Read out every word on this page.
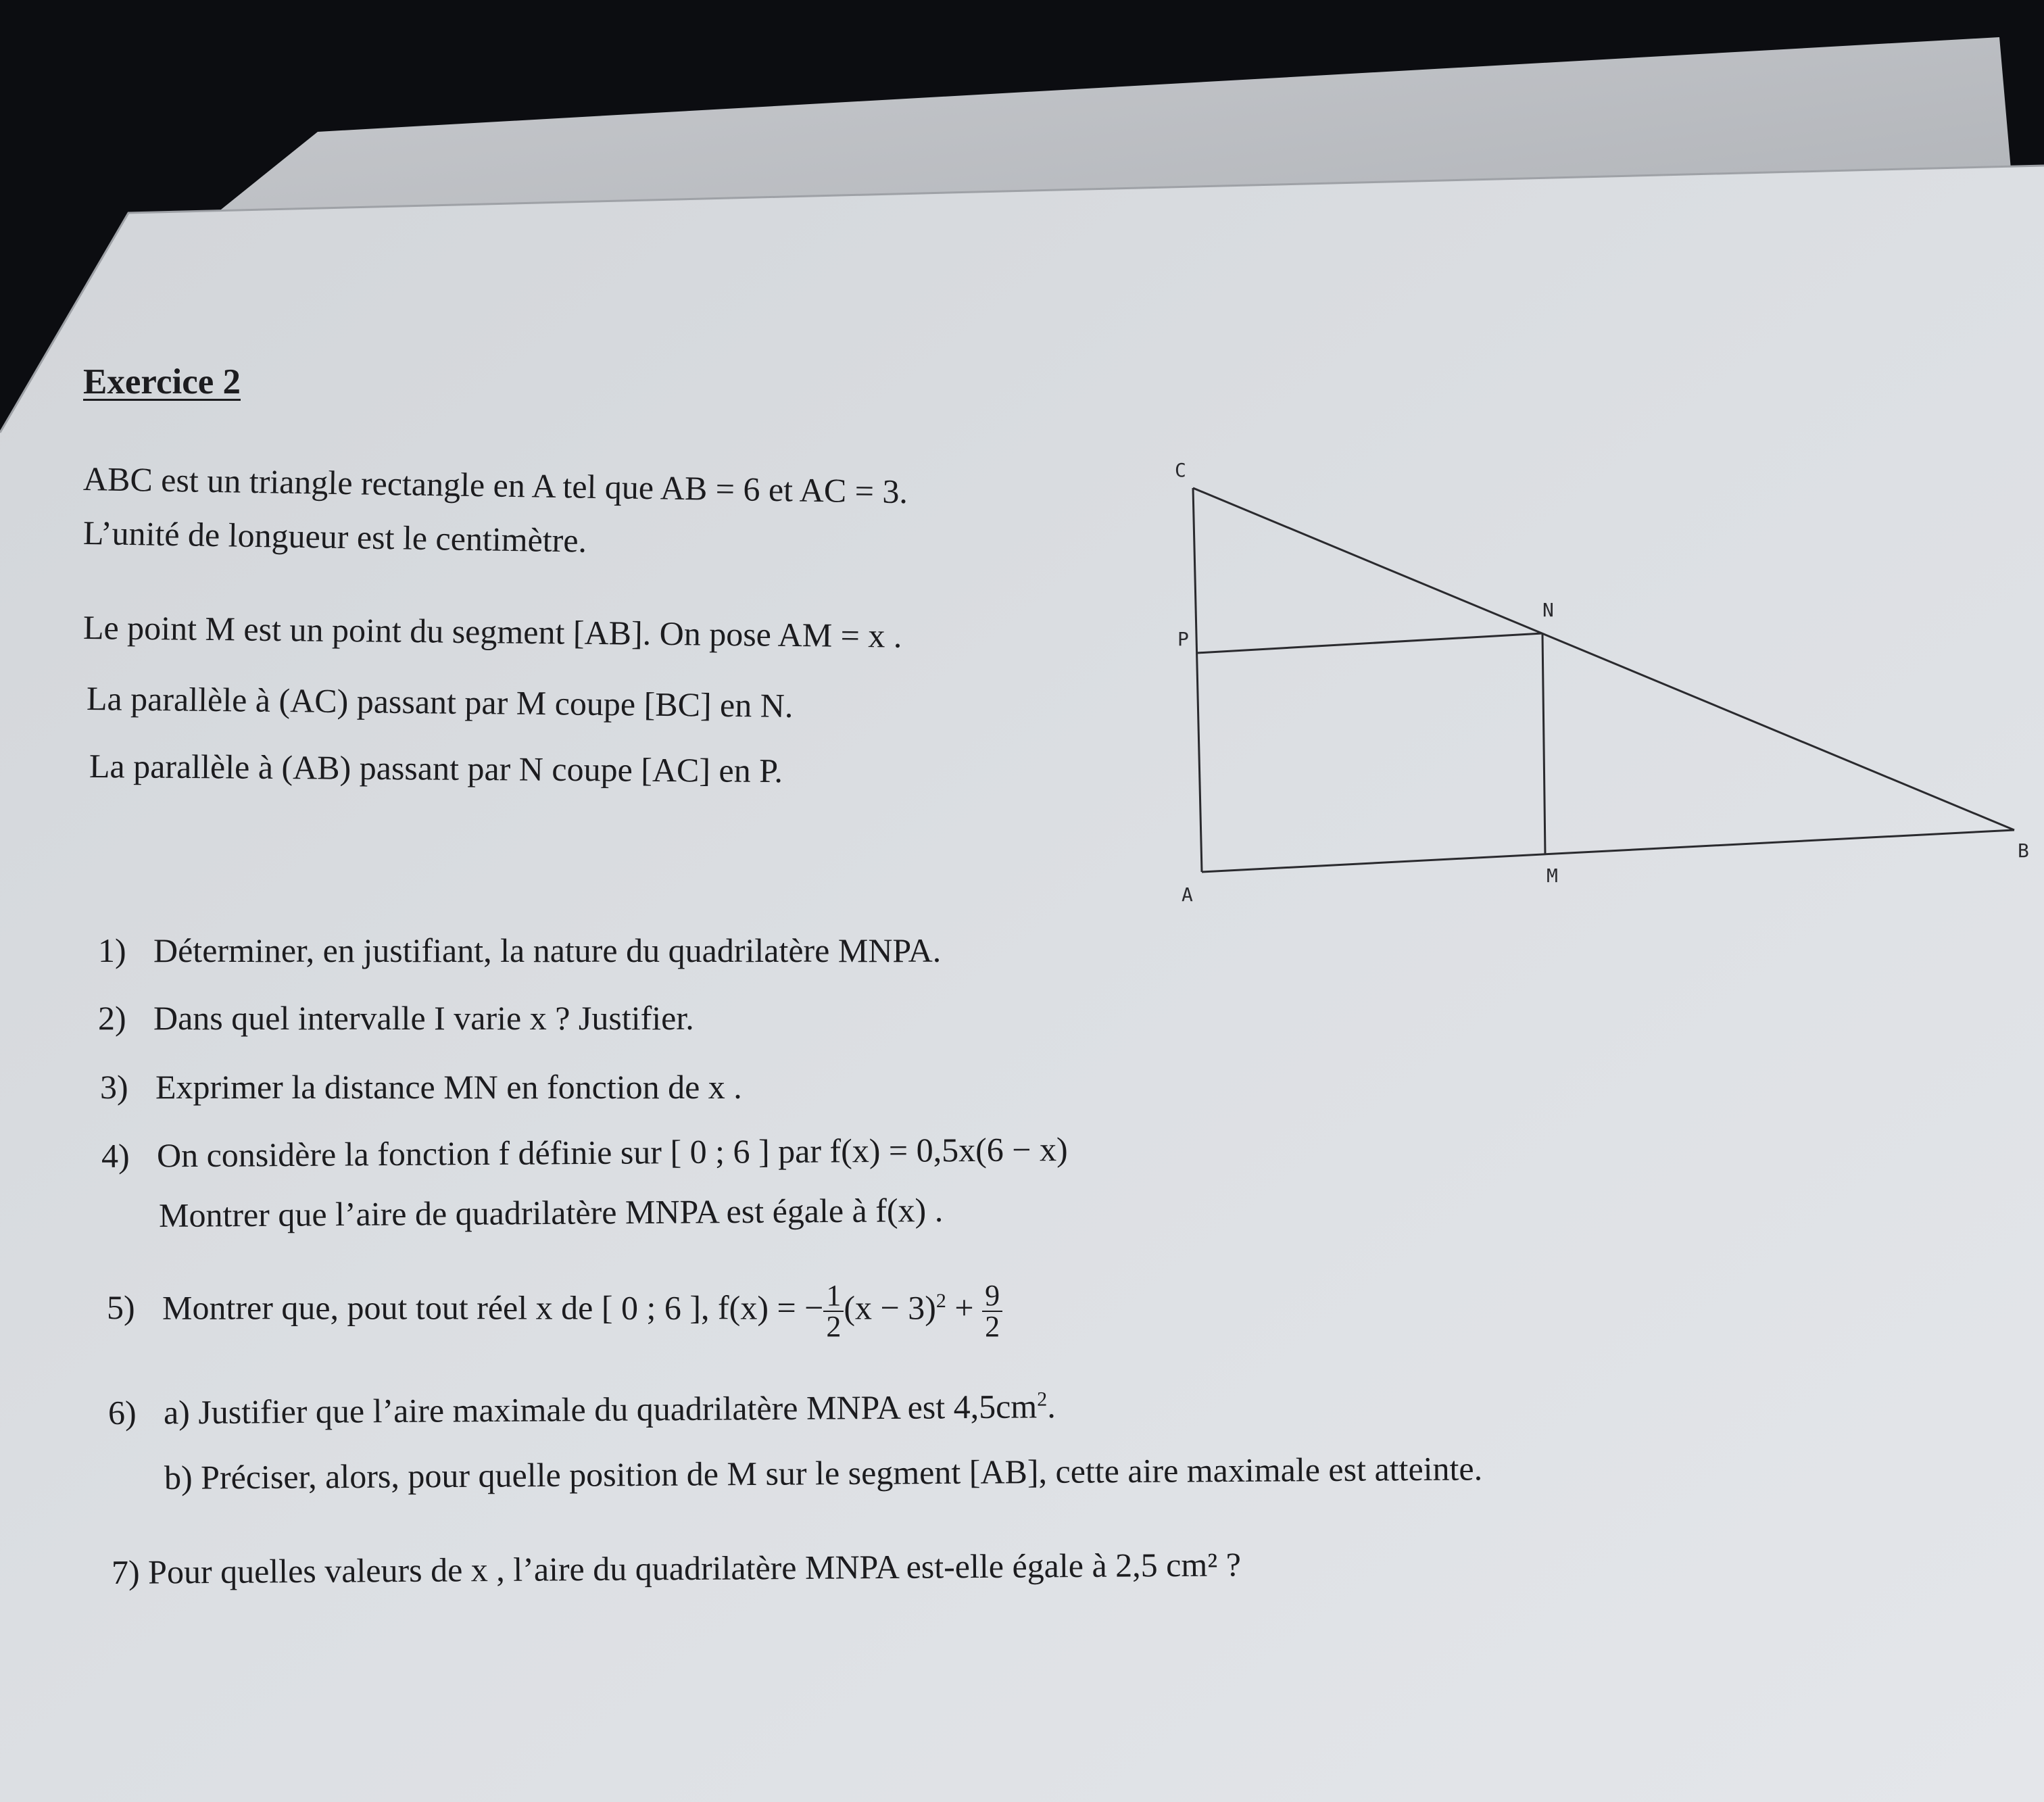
C
N
P
A
M
B
Exercice 2
ABC est un triangle rectangle en A tel que AB = 6 et AC = 3.
L’unité de longueur est le centimètre.
Le point M est un point du segment [AB]. On pose AM = x .
La parallèle à (AC) passant par M coupe [BC] en N.
La parallèle à (AB) passant par N coupe [AC] en P.
1) Déterminer, en justifiant, la nature du quadrilatère MNPA.
2) Dans quel intervalle I varie x ? Justifier.
3) Exprimer la distance MN en fonction de x .
4) On considère la fonction f définie sur [ 0 ; 6 ] par f(x) = 0,5x(6 − x)
Montrer que l’aire de quadrilatère MNPA est égale à f(x) .
5) Montrer que, pout tout réel x de [ 0 ; 6 ], f(x) = − $\frac{1}{2} (x - 3)^2 + \frac{9}{2}$
6) a) Justifier que l’aire maximale du quadrilatère MNPA est $4,5cm^2$.
b) Préciser, alors, pour quelle position de M sur le segment [AB], cette aire maximale est atteinte.
7) Pour quelles valeurs de x , l’aire du quadrilatère MNPA est-elle égale à 2,5 cm² ?
